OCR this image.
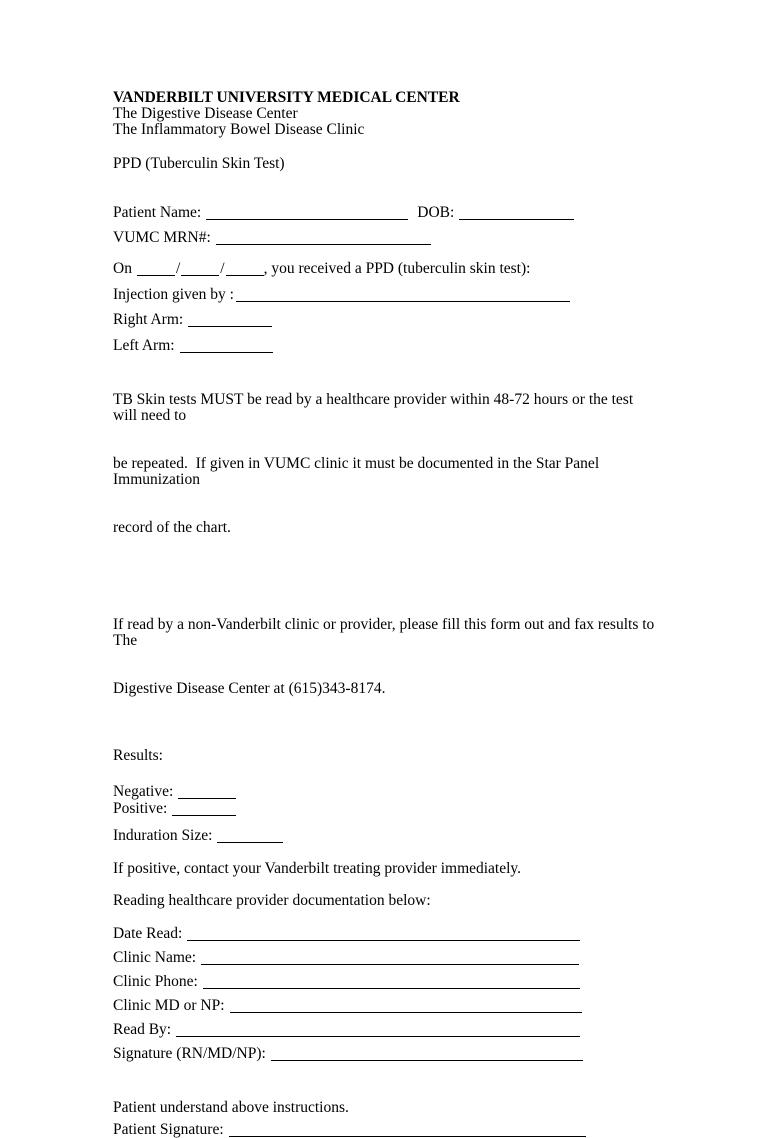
VANDERBILT UNIVERSITY MEDICAL CENTER
The Digestive Disease Center
The Inflammatory Bowel Disease Clinic
PPD (Tuberculin Skin Test)
Patient Name:	DOB:
VUMC MRN#:
On	/	/	, you received a PPD (tuberculin skin test):
Injection given by :
Right Arm:
Left Arm:

TB Skin tests MUST be read by a healthcare provider within 48-72 hours or the test will need to

be repeated.  If given in VUMC clinic it must be documented in the Star Panel Immunization

record of the chart.

If read by a non-Vanderbilt clinic or provider, please fill this form out and fax results to The

Digestive Disease Center at (615)343-8174.

Results:
Negative:
Positive:
Induration Size:
If positive, contact your Vanderbilt treating provider immediately.
Reading healthcare provider documentation below:
Date Read:
Clinic Name:
Clinic Phone:
Clinic MD or NP:
Read By:
Signature (RN/MD/NP):
Patient understand above instructions.
Patient Signature:
